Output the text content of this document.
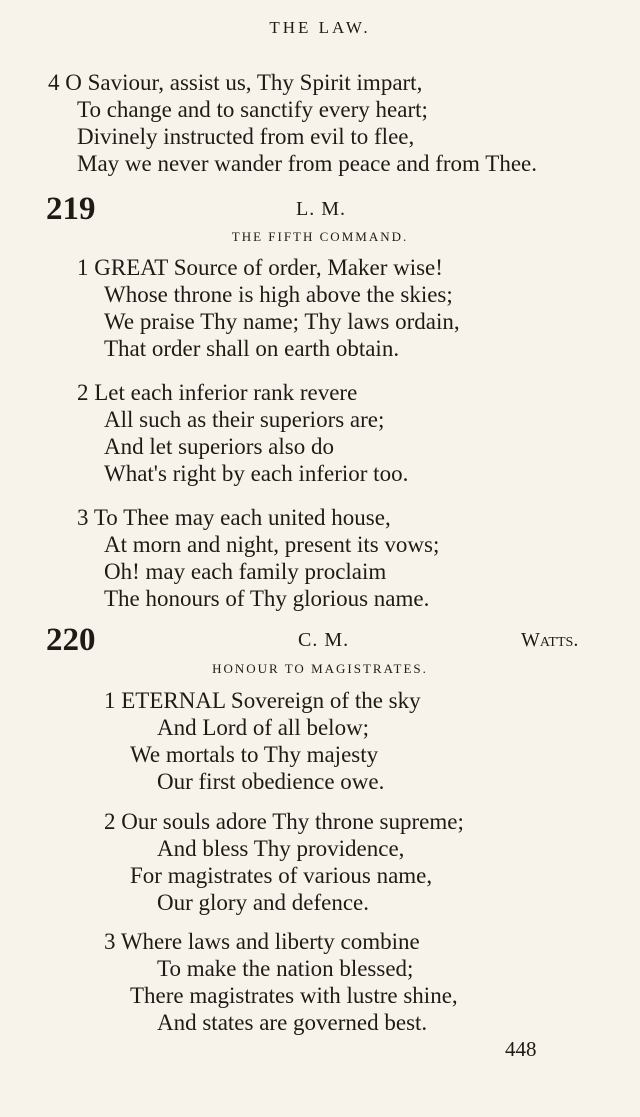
THE LAW.
4 O Saviour, assist us, Thy Spirit impart,
To change and to sanctify every heart;
Divinely instructed from evil to flee,
May we never wander from peace and from Thee.
219	L. M.
THE FIFTH COMMAND.
1 GREAT Source of order, Maker wise!
Whose throne is high above the skies;
We praise Thy name; Thy laws ordain,
That order shall on earth obtain.
2 Let each inferior rank revere
All such as their superiors are;
And let superiors also do
What's right by each inferior too.
3 To Thee may each united house,
At morn and night, present its vows;
Oh! may each family proclaim
The honours of Thy glorious name.
220	C. M.	Watts.
HONOUR TO MAGISTRATES.
1 ETERNAL Sovereign of the sky
And Lord of all below;
We mortals to Thy majesty
Our first obedience owe.
2 Our souls adore Thy throne supreme;
And bless Thy providence,
For magistrates of various name,
Our glory and defence.
3 Where laws and liberty combine
To make the nation blessed;
There magistrates with lustre shine,
And states are governed best.
448
